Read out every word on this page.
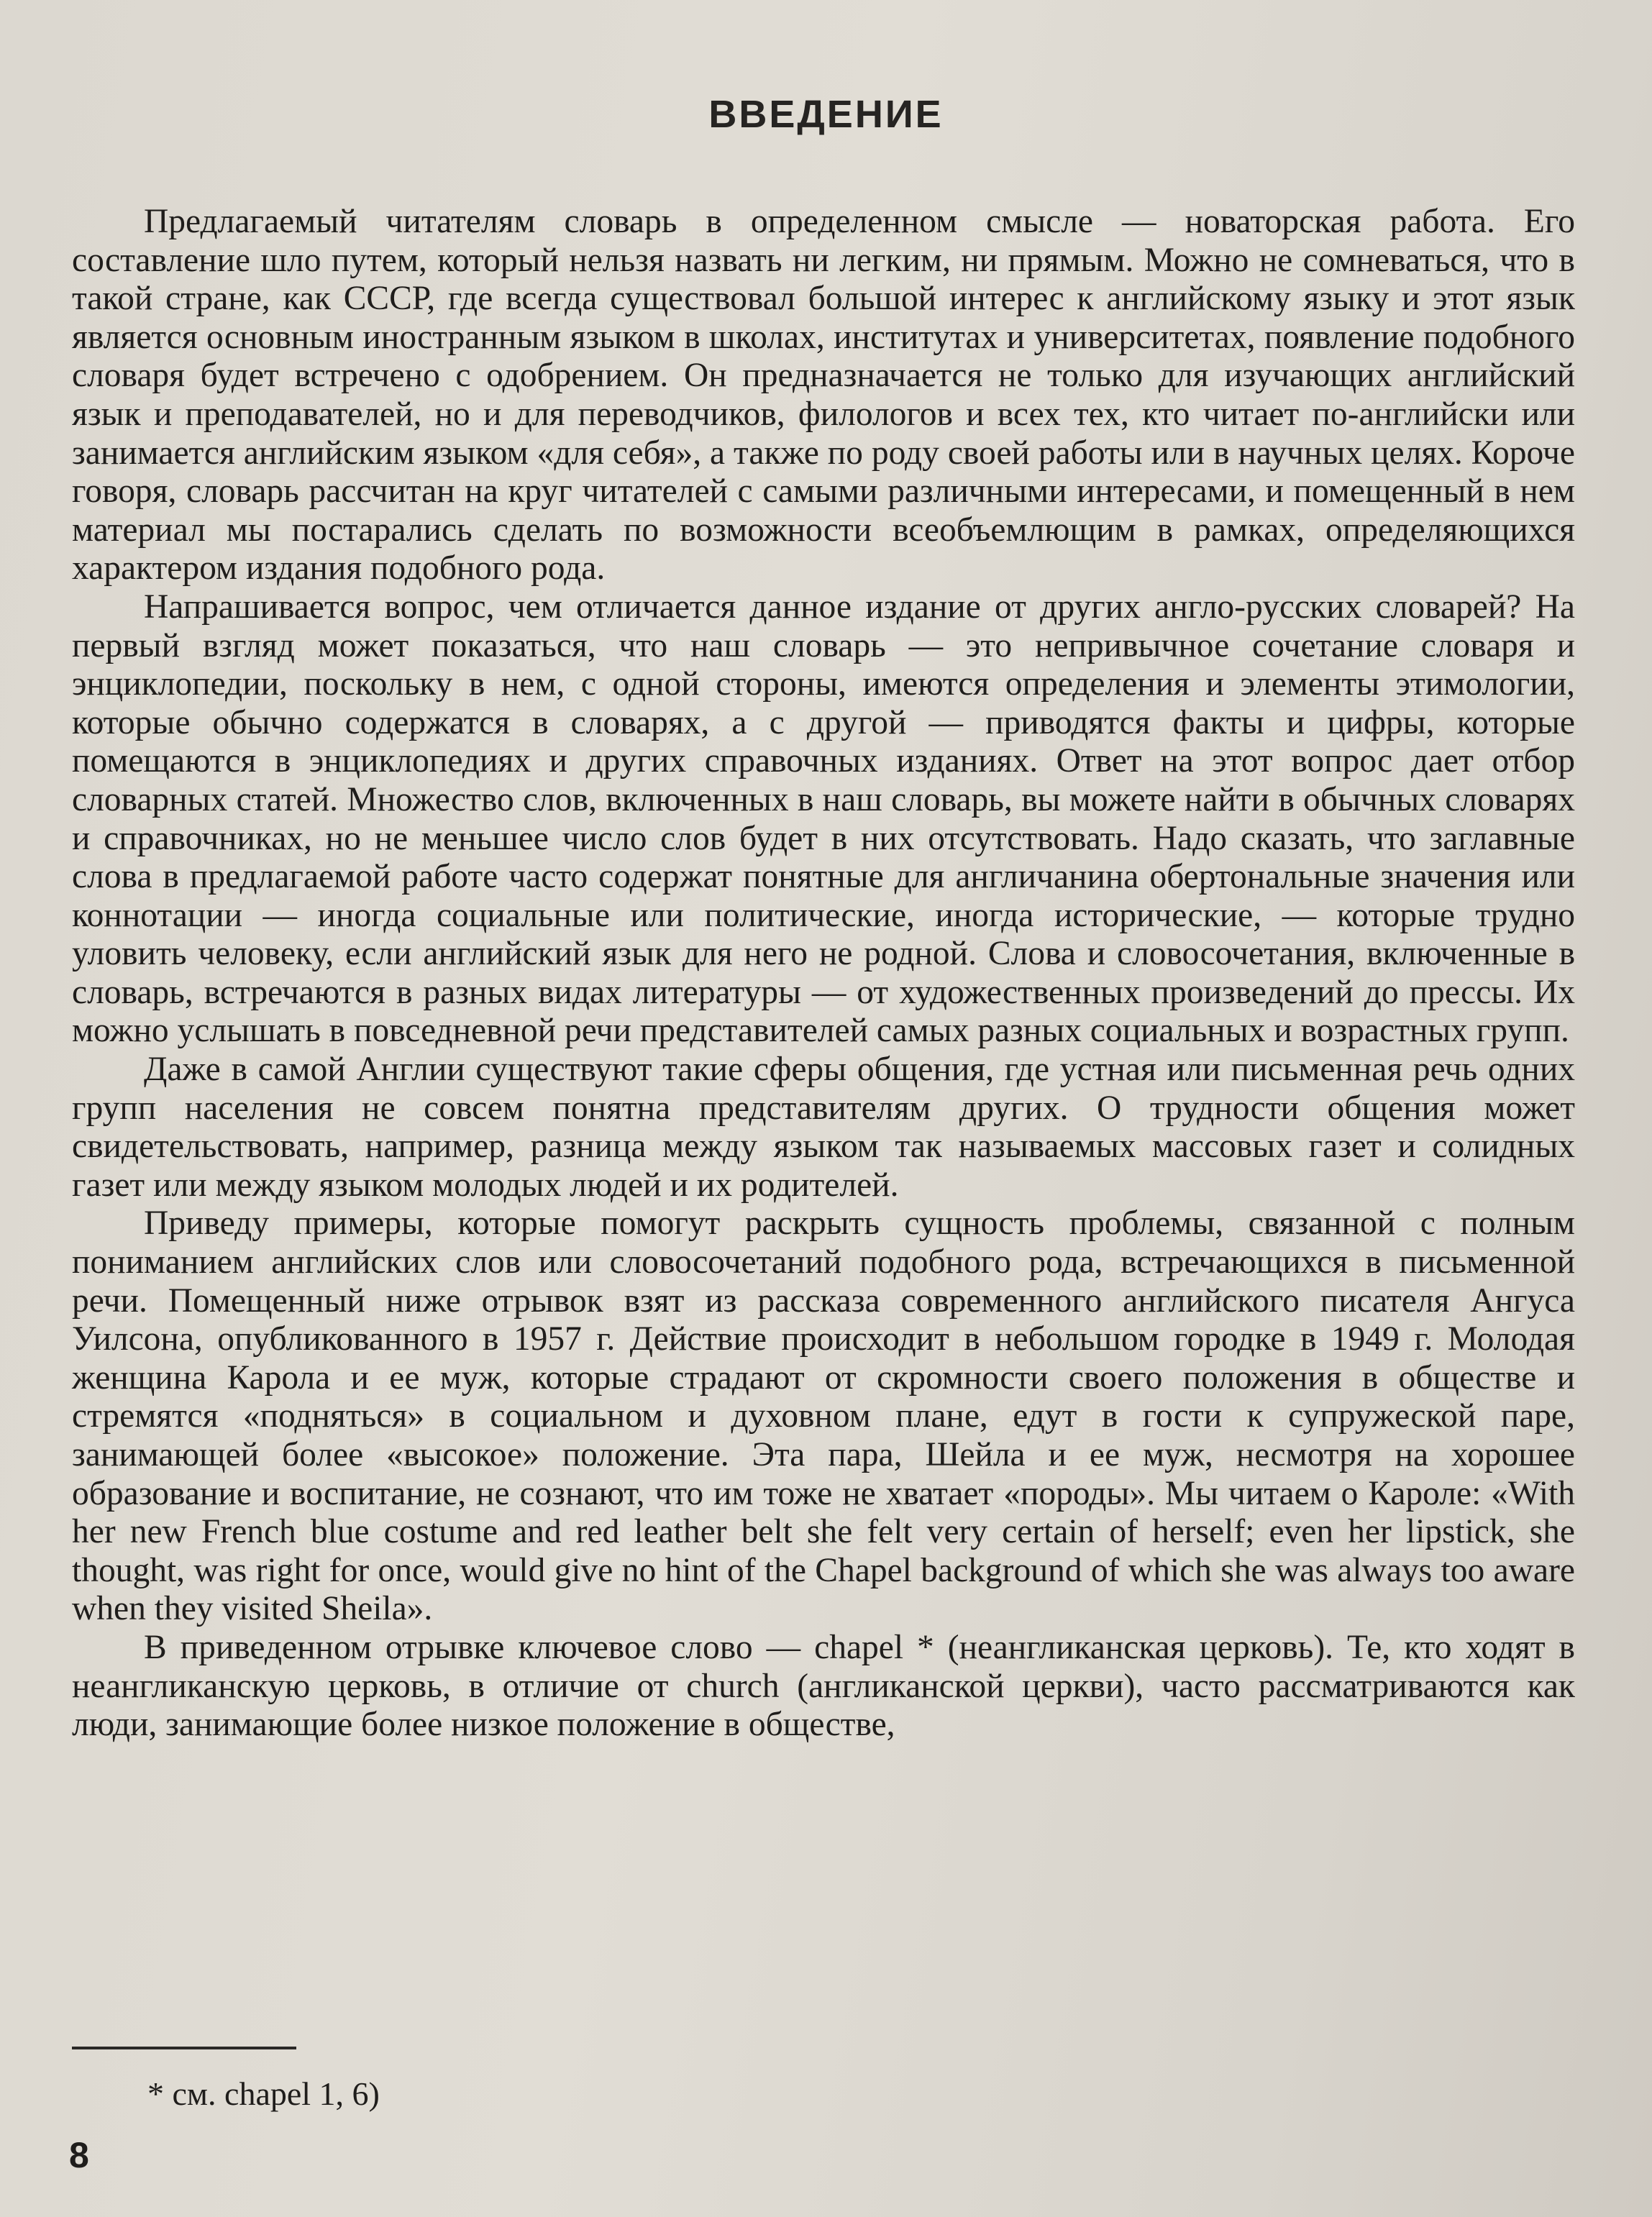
ВВЕДЕНИЕ

Предлагаемый читателям словарь в определенном смысле — новаторская работа. Его составление шло путем, который нельзя назвать ни легким, ни прямым. Можно не сомневаться, что в такой стране, как СССР, где всегда существовал большой интерес к английскому языку и этот язык является основным иностранным языком в школах, институтах и университетах, появление подобного словаря будет встречено с одобрением. Он предназначается не только для изучающих английский язык и преподавателей, но и для переводчиков, филологов и всех тех, кто читает по-английски или занимается английским языком «для себя», а также по роду своей работы или в научных целях. Короче говоря, словарь рассчитан на круг читателей с самыми различными интересами, и помещенный в нем материал мы постарались сделать по возможности всеобъемлющим в рамках, определяющихся характером издания подобного рода.

Напрашивается вопрос, чем отличается данное издание от других англо-русских словарей? На первый взгляд может показаться, что наш словарь — это непривычное сочетание словаря и энциклопедии, поскольку в нем, с одной стороны, имеются определения и элементы этимологии, которые обычно содержатся в словарях, а с другой — приводятся факты и цифры, которые помещаются в энциклопедиях и других справочных изданиях. Ответ на этот вопрос дает отбор словарных статей. Множество слов, включенных в наш словарь, вы можете найти в обычных словарях и справочниках, но не меньшее число слов будет в них отсутствовать. Надо сказать, что заглавные слова в предлагаемой работе часто содержат понятные для англичанина обертональные значения или коннотации — иногда социальные или политические, иногда исторические, — которые трудно уловить человеку, если английский язык для него не родной. Слова и словосочетания, включенные в словарь, встречаются в разных видах литературы — от художественных произведений до прессы. Их можно услышать в повседневной речи представителей самых разных социальных и возрастных групп.

Даже в самой Англии существуют такие сферы общения, где устная или письменная речь одних групп населения не совсем понятна представителям других. О трудности общения может свидетельствовать, например, разница между языком так называемых массовых газет и солидных газет или между языком молодых людей и их родителей.

Приведу примеры, которые помогут раскрыть сущность проблемы, связанной с полным пониманием английских слов или словосочетаний подобного рода, встречающихся в письменной речи. Помещенный ниже отрывок взят из рассказа современного английского писателя Ангуса Уилсона, опубликованного в 1957 г. Действие происходит в небольшом городке в 1949 г. Молодая женщина Карола и ее муж, которые страдают от скромности своего положения в обществе и стремятся «подняться» в социальном и духовном плане, едут в гости к супружеской паре, занимающей более «высокое» положение. Эта пара, Шейла и ее муж, несмотря на хорошее образование и воспитание, не сознают, что им тоже не хватает «породы». Мы читаем о Кароле: «With her new French blue costume and red leather belt she felt very certain of herself; even her lipstick, she thought, was right for once, would give no hint of the Chapel background of which she was always too aware when they visited Sheila».

В приведенном отрывке ключевое слово — chapel * (неангликанская церковь). Те, кто ходят в неангликанскую церковь, в отличие от church (англиканской церкви), часто рассматриваются как люди, занимающие более низкое положение в обществе,

* см. chapel 1, 6)
8
